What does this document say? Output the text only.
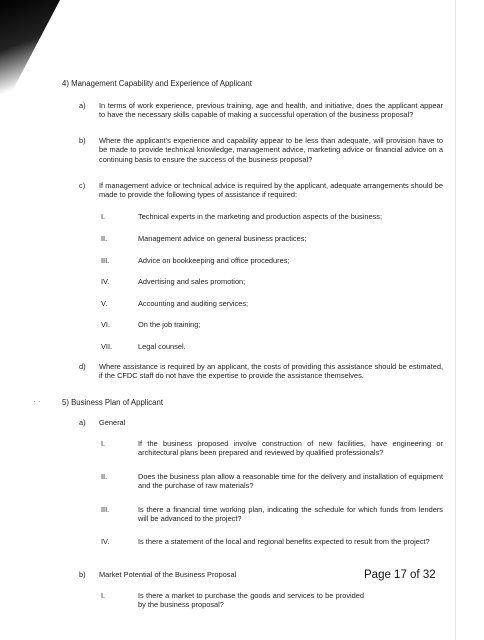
4) Management Capability and Experience of Applicant
a) In terms of work experience, previous training, age and health, and initiative, does the applicant appear to have the necessary skills capable of making a successful operation of the business proposal?
b) Where the applicant's experience and capability appear to be less than adequate, will provision have to be made to provide technical knowledge, management advice, marketing advice or financial advice on a continuing basis to ensure the success of the business proposal?
c) If management advice or technical advice is required by the applicant, adequate arrangements should be made to provide the following types of assistance if required:
I.	Technical experts in the marketing and production aspects of the business;
II.	Management advice on general business practices;
III.	Advice on bookkeeping and office procedures;
IV.	Advertising and sales promotion;
V.	Accounting and auditing services;
VI.	On the job training;
VII.	Legal counsel.
d) Where assistance is required by an applicant, the costs of providing this assistance should be estimated, if the CFDC staff do not have the expertise to provide the assistance themselves.
· ·	5) Business Plan of Applicant
a) General
I.	If the business proposed involve construction of new facilities, have engineering or architectural plans been prepared and reviewed by qualified professionals?
II.	Does the business plan allow a reasonable time for the delivery and installation of equipment and the purchase of raw materials?
III.	Is there a financial time working plan, indicating the schedule for which funds from lenders will be advanced to the project?
IV.	Is there a statement of the local and regional benefits expected to result from the project?
b) Market Potential of the Business Proposal
I.	Is there a market to purchase the goods and services to be provided by the business proposal?
Page 17 of 32
